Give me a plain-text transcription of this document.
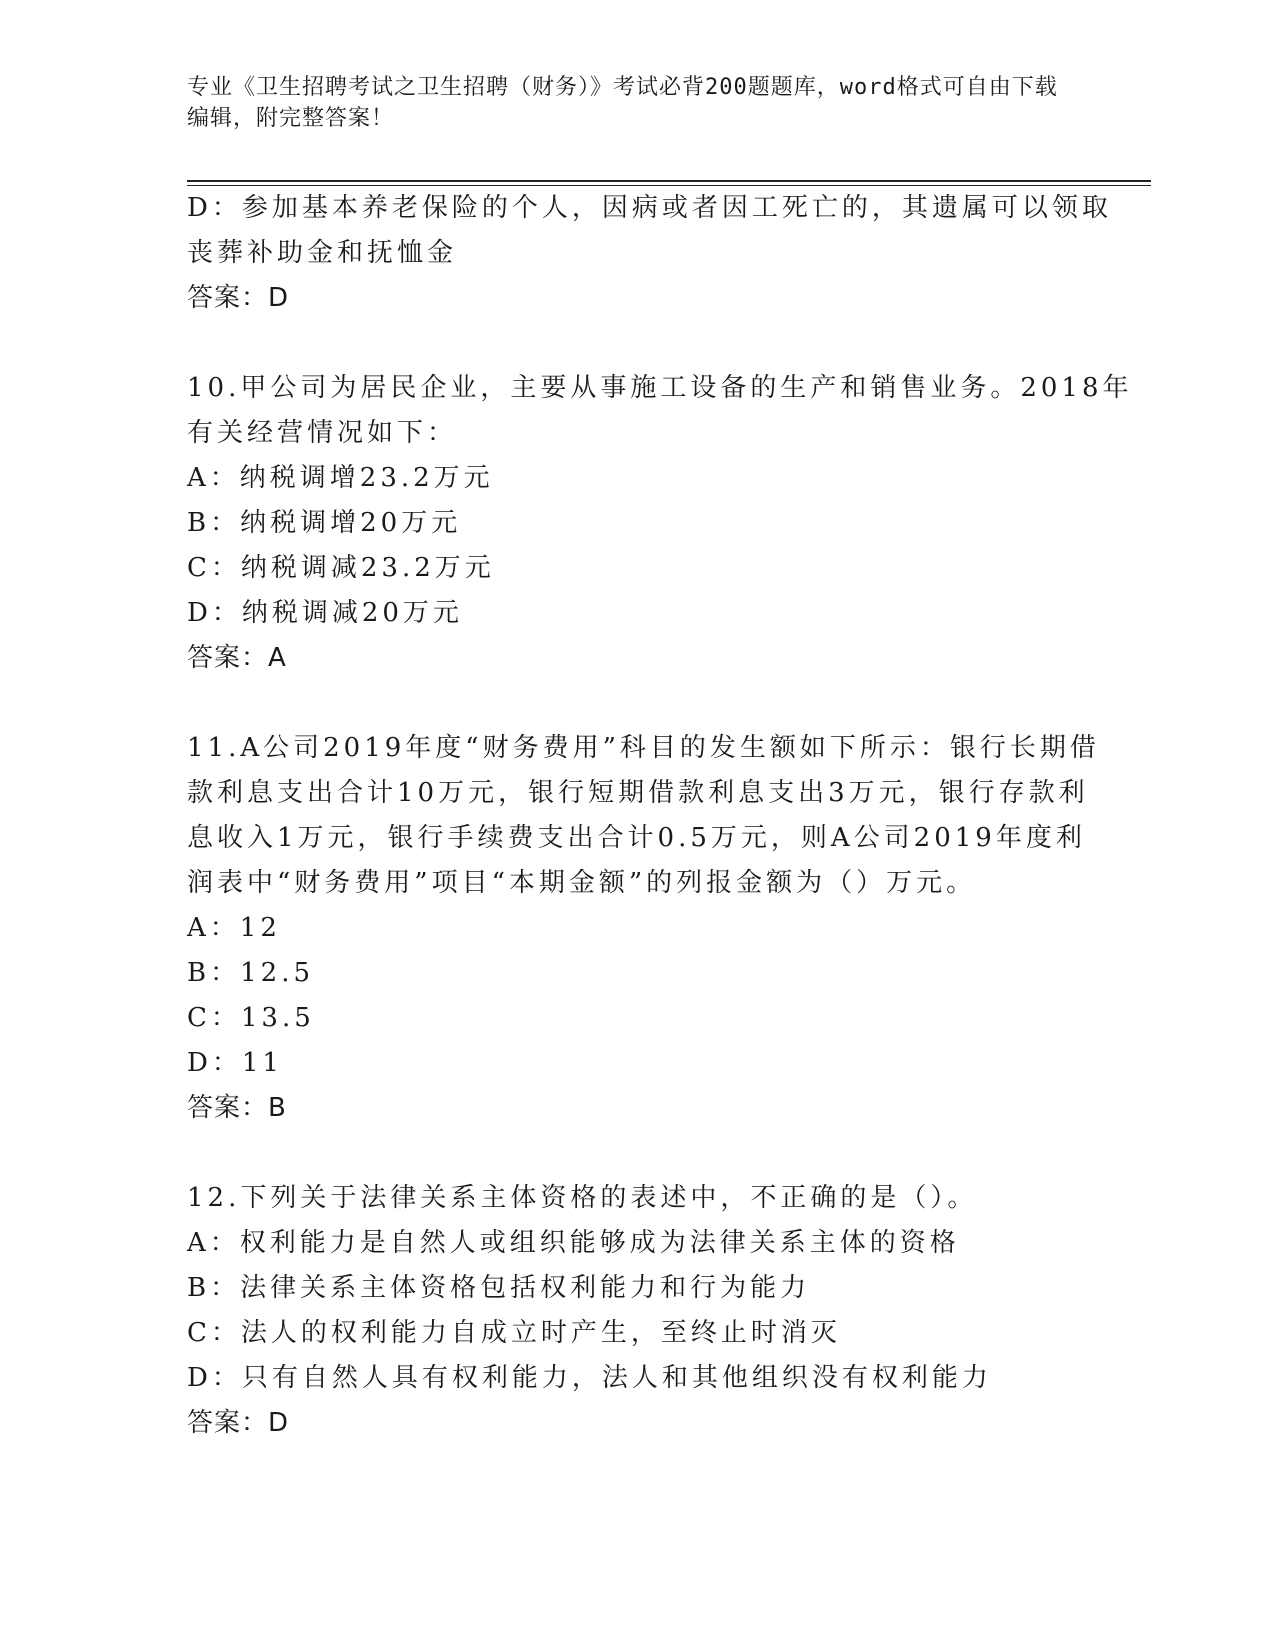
专业《卫生招聘考试之卫生招聘（财务）》考试必背200题题库，word格式可自由下载编辑，附完整答案！
D：参加基本养老保险的个人，因病或者因工死亡的，其遗属可以领取
丧葬补助金和抚恤金
答案：D
10.甲公司为居民企业，主要从事施工设备的生产和销售业务。2018年
有关经营情况如下：
A：纳税调增23.2万元
B：纳税调增20万元
C：纳税调减23.2万元
D：纳税调减20万元
答案：A
11.A公司2019年度“财务费用”科目的发生额如下所示：银行长期借
款利息支出合计10万元，银行短期借款利息支出3万元，银行存款利
息收入1万元，银行手续费支出合计0.5万元，则A公司2019年度利
润表中“财务费用”项目“本期金额”的列报金额为（）万元。
A：12
B：12.5
C：13.5
D：11
答案：B
12.下列关于法律关系主体资格的表述中，不正确的是（）。
A：权利能力是自然人或组织能够成为法律关系主体的资格
B：法律关系主体资格包括权利能力和行为能力
C：法人的权利能力自成立时产生，至终止时消灭
D：只有自然人具有权利能力，法人和其他组织没有权利能力
答案：D
